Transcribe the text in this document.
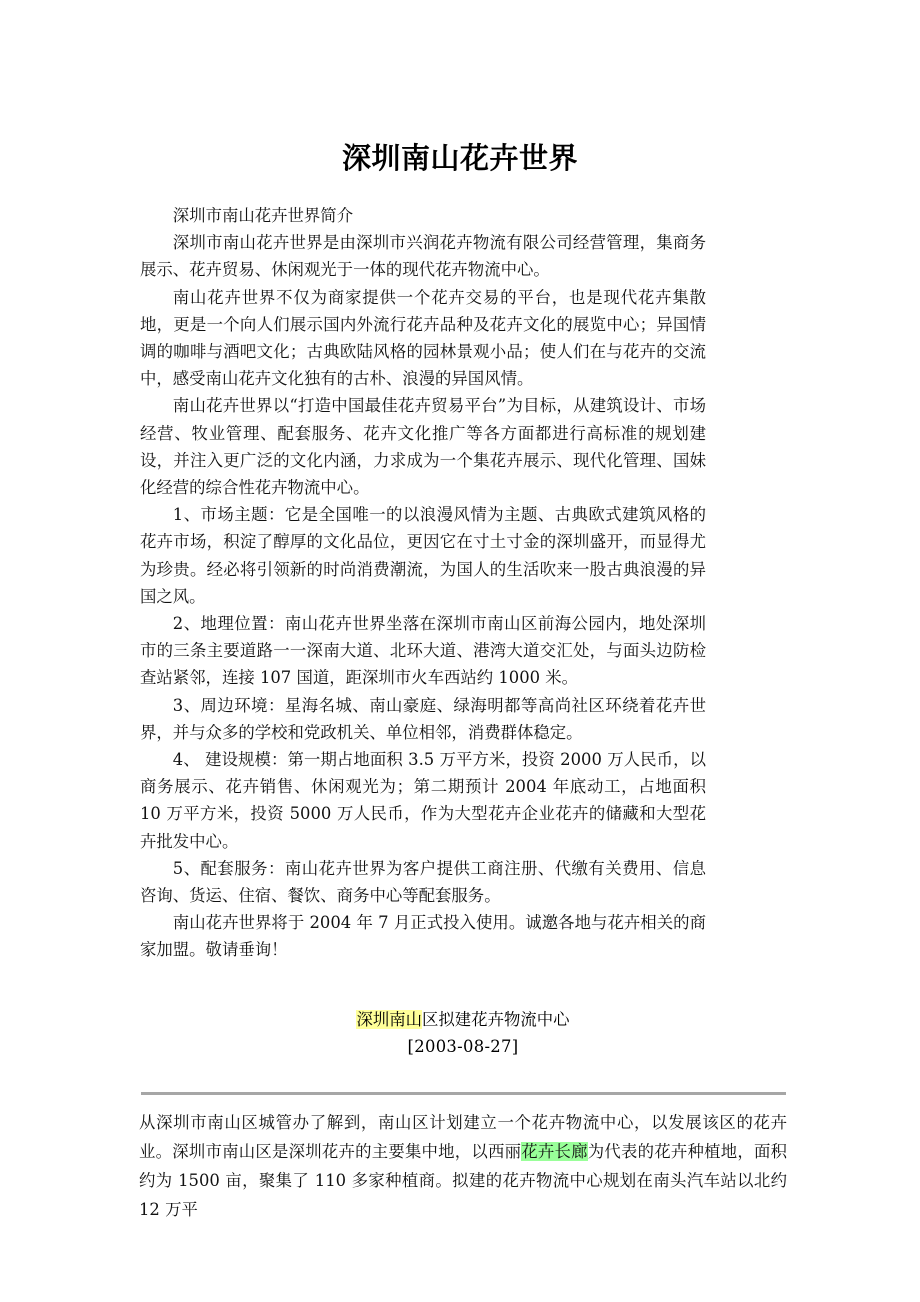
深圳南山花卉世界

深圳市南山花卉世界简介

深圳市南山花卉世界是由深圳市兴润花卉物流有限公司经营管理，集商务展示、花卉贸易、休闲观光于一体的现代花卉物流中心。

南山花卉世界不仅为商家提供一个花卉交易的平台，也是现代花卉集散地，更是一个向人们展示国内外流行花卉品种及花卉文化的展览中心；异国情调的咖啡与酒吧文化；古典欧陆风格的园林景观小品；使人们在与花卉的交流中，感受南山花卉文化独有的古朴、浪漫的异国风情。

南山花卉世界以“打造中国最佳花卉贸易平台”为目标，从建筑设计、市场经营、牧业管理、配套服务、花卉文化推广等各方面都进行高标准的规划建设，并注入更广泛的文化内涵，力求成为一个集花卉展示、现代化管理、国妹化经营的综合性花卉物流中心。

1、市场主题：它是全国唯一的以浪漫风情为主题、古典欧式建筑风格的花卉市场，积淀了醇厚的文化品位，更因它在寸土寸金的深圳盛开，而显得尤为珍贵。经必将引领新的时尚消费潮流，为国人的生活吹来一股古典浪漫的异国之风。

2、地理位置：南山花卉世界坐落在深圳市南山区前海公园内，地处深圳市的三条主要道路一一深南大道、北环大道、港湾大道交汇处，与面头边防检查站紧邻，连接 107 国道，距深圳市火车西站约 1000 米。

3、周边环境：星海名城、南山豪庭、绿海明都等高尚社区环绕着花卉世界，并与众多的学校和党政机关、单位相邻，消费群体稳定。

4、 建设规模：第一期占地面积 3.5 万平方米，投资 2000 万人民币，以商务展示、花卉销售、休闲观光为；第二期预计 2004 年底动工，占地面积 10 万平方米，投资 5000 万人民币，作为大型花卉企业花卉的储藏和大型花卉批发中心。

5、配套服务：南山花卉世界为客户提供工商注册、代缴有关费用、信息咨询、货运、住宿、餐饮、商务中心等配套服务。

南山花卉世界将于 2004 年 7 月正式投入使用。诚邀各地与花卉相关的商家加盟。敬请垂询！

深圳南山区拟建花卉物流中心
[2003-08-27]

从深圳市南山区城管办了解到，南山区计划建立一个花卉物流中心，以发展该区的花卉业。深圳市南山区是深圳花卉的主要集中地，以西丽花卉长廊为代表的花卉种植地，面积约为 1500 亩，聚集了 110 多家种植商。拟建的花卉物流中心规划在南头汽车站以北约 12 万平
